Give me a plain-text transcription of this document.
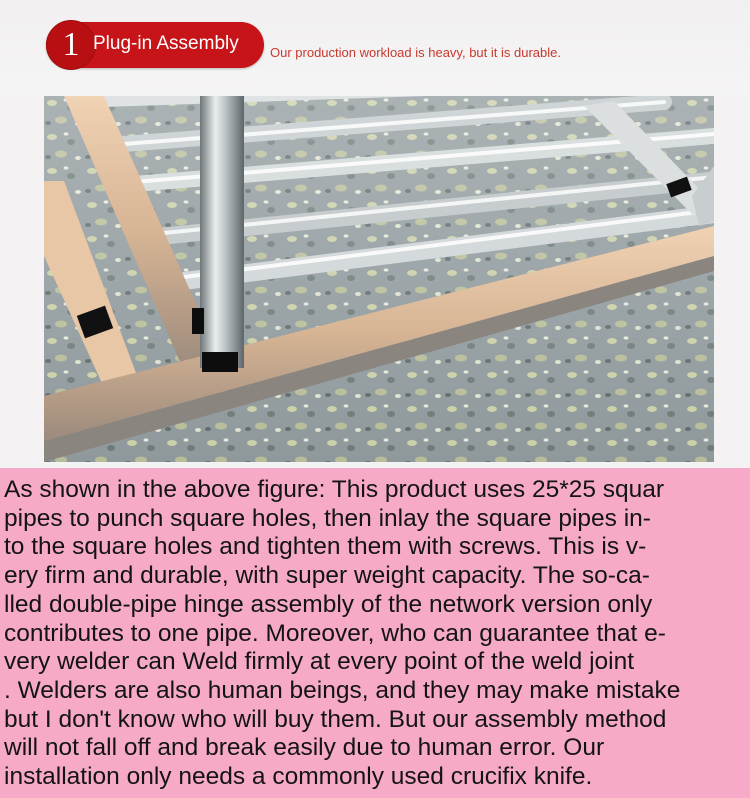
1 Plug-in Assembly Our production workload is heavy, but it is durable.

As shown in the above figure: This product uses 25*25 squar
pipes to punch square holes, then inlay the square pipes in-
to the square holes and tighten them with screws. This is v-
ery firm and durable, with super weight capacity. The so-ca-
lled double-pipe hinge assembly of the network version only
contributes to one pipe. Moreover, who can guarantee that e-
very welder can Weld firmly at every point of the weld joint
. Welders are also human beings, and they may make mistake
but I don't know who will buy them. But our assembly method
will not fall off and break easily due to human error. Our
installation only needs a commonly used crucifix knife.
